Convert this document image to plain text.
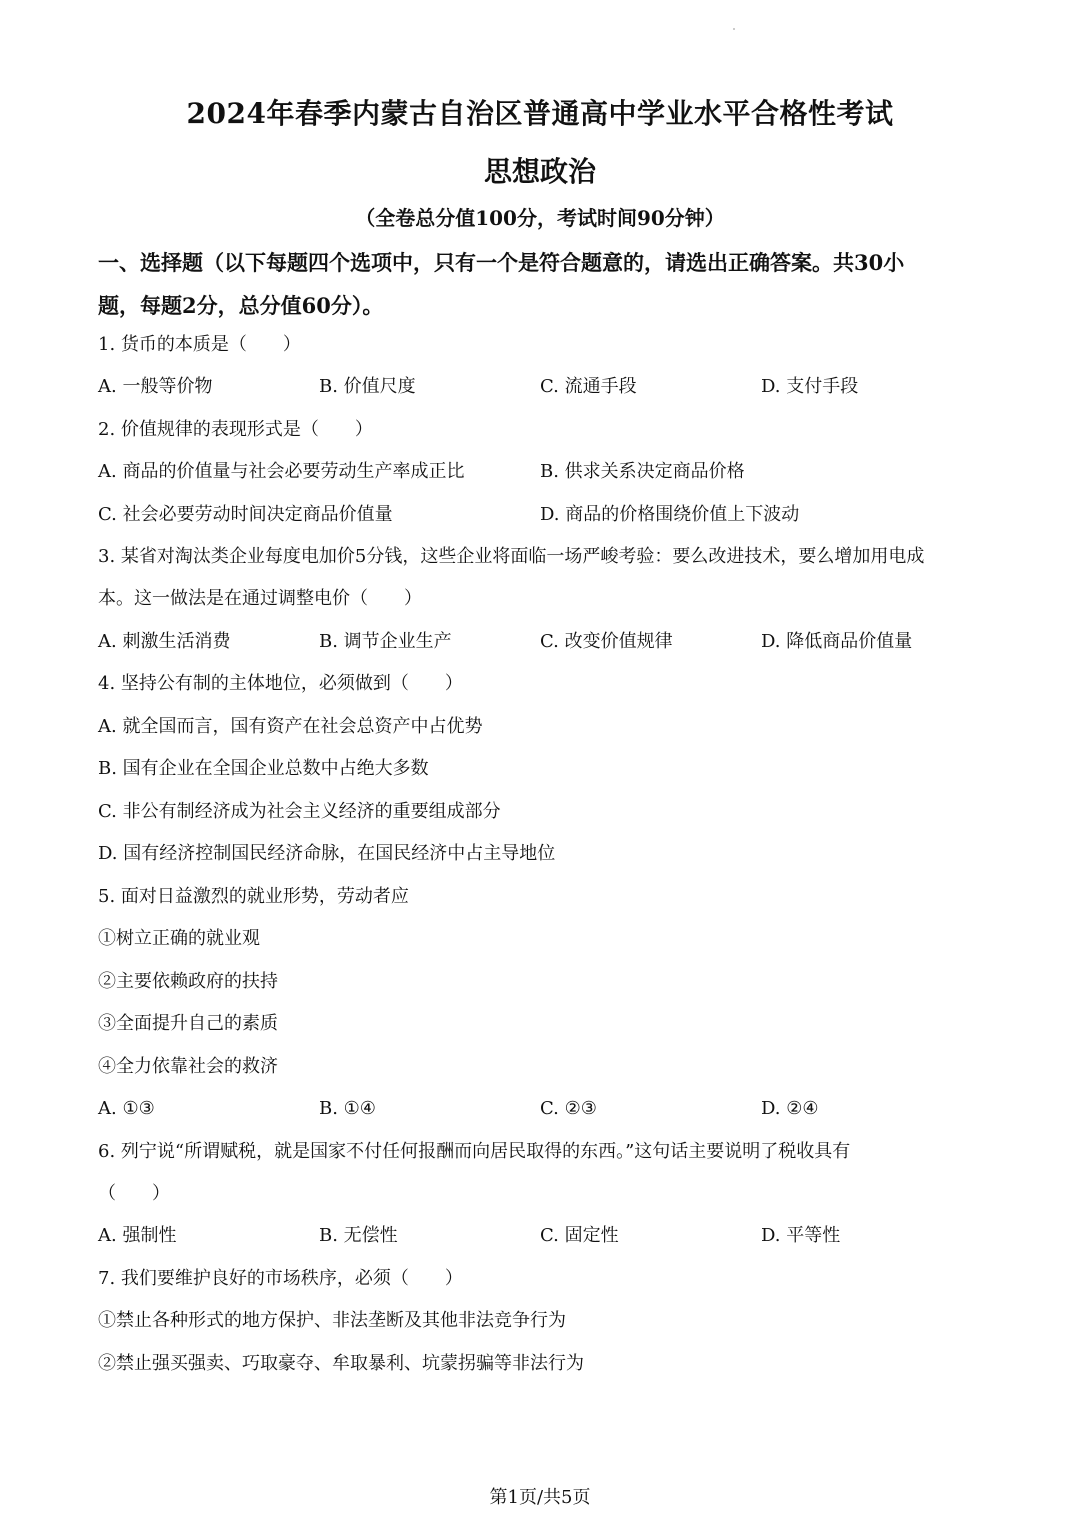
2024年春季内蒙古自治区普通高中学业水平合格性考试
思想政治
（全卷总分值100分，考试时间90分钟）
一、选择题（以下每题四个选项中，只有一个是符合题意的，请选出正确答案。共30小
题，每题2分，总分值60分）。
1. 货币的本质是（　　）
A. 一般等价物	B. 价值尺度	C. 流通手段	D. 支付手段
2. 价值规律的表现形式是（　　）
A. 商品的价值量与社会必要劳动生产率成正比	B. 供求关系决定商品价格
C. 社会必要劳动时间决定商品价值量	D. 商品的价格围绕价值上下波动
3. 某省对淘汰类企业每度电加价5分钱，这些企业将面临一场严峻考验：要么改进技术，要么增加用电成
本。这一做法是在通过调整电价（　　）
A. 刺激生活消费	B. 调节企业生产	C. 改变价值规律	D. 降低商品价值量
4. 坚持公有制的主体地位，必须做到（　　）
A. 就全国而言，国有资产在社会总资产中占优势
B. 国有企业在全国企业总数中占绝大多数
C. 非公有制经济成为社会主义经济的重要组成部分
D. 国有经济控制国民经济命脉，在国民经济中占主导地位
5. 面对日益激烈的就业形势，劳动者应
①树立正确的就业观
②主要依赖政府的扶持
③全面提升自己的素质
④全力依靠社会的救济
A. ①③	B. ①④	C. ②③	D. ②④
6. 列宁说“所谓赋税，就是国家不付任何报酬而向居民取得的东西。”这句话主要说明了税收具有
（　　）
A. 强制性	B. 无偿性	C. 固定性	D. 平等性
7. 我们要维护良好的市场秩序，必须（　　）
①禁止各种形式的地方保护、非法垄断及其他非法竞争行为
②禁止强买强卖、巧取豪夺、牟取暴利、坑蒙拐骗等非法行为
第1页/共5页
